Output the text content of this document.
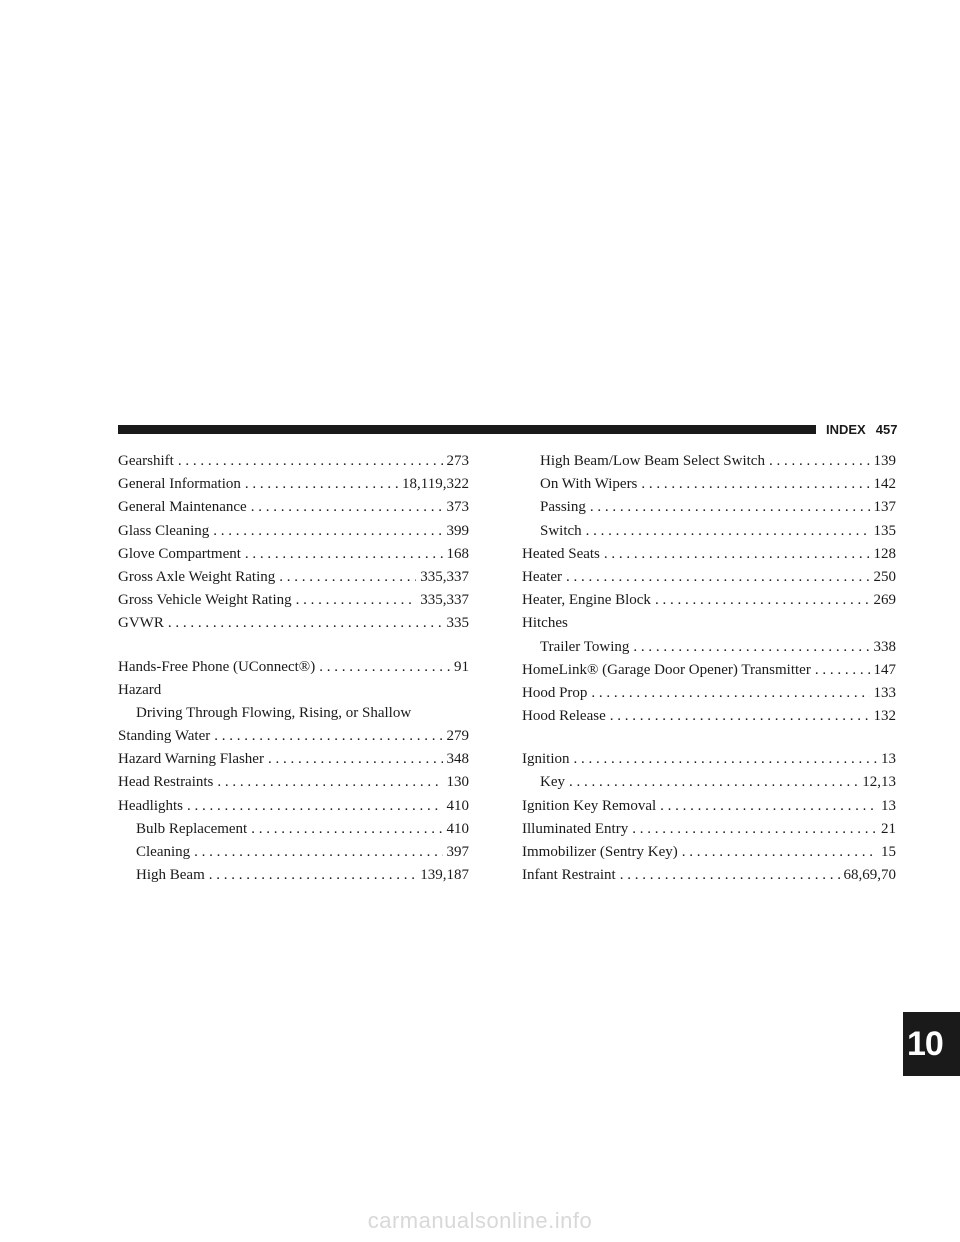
INDEX 457
Gearshift . . .	273
General Information . . .	18,119,322
General Maintenance . . .	373
Glass Cleaning . . .	399
Glove Compartment . . .	168
Gross Axle Weight Rating . . .	335,337
Gross Vehicle Weight Rating . . .	335,337
GVWR . . .	335
Hands-Free Phone (UConnect®) . . .	91
Hazard
Driving Through Flowing, Rising, or Shallow
Standing Water . . .	279
Hazard Warning Flasher . . .	348
Head Restraints . . .	130
Headlights . . .	410
Bulb Replacement . . .	410
Cleaning . . .	397
High Beam . . .	139,187
High Beam/Low Beam Select Switch . . .	139
On With Wipers . . .	142
Passing . . .	137
Switch . . .	135
Heated Seats . . .	128
Heater . . .	250
Heater, Engine Block . . .	269
Hitches
Trailer Towing . . .	338
HomeLink® (Garage Door Opener) Transmitter . . .	147
Hood Prop . . .	133
Hood Release . . .	132
Ignition . . .	13
Key . . .	12,13
Ignition Key Removal . . .	13
Illuminated Entry . . .	21
Immobilizer (Sentry Key) . . .	15
Infant Restraint . . .	68,69,70
10
carmanualsonline.info
